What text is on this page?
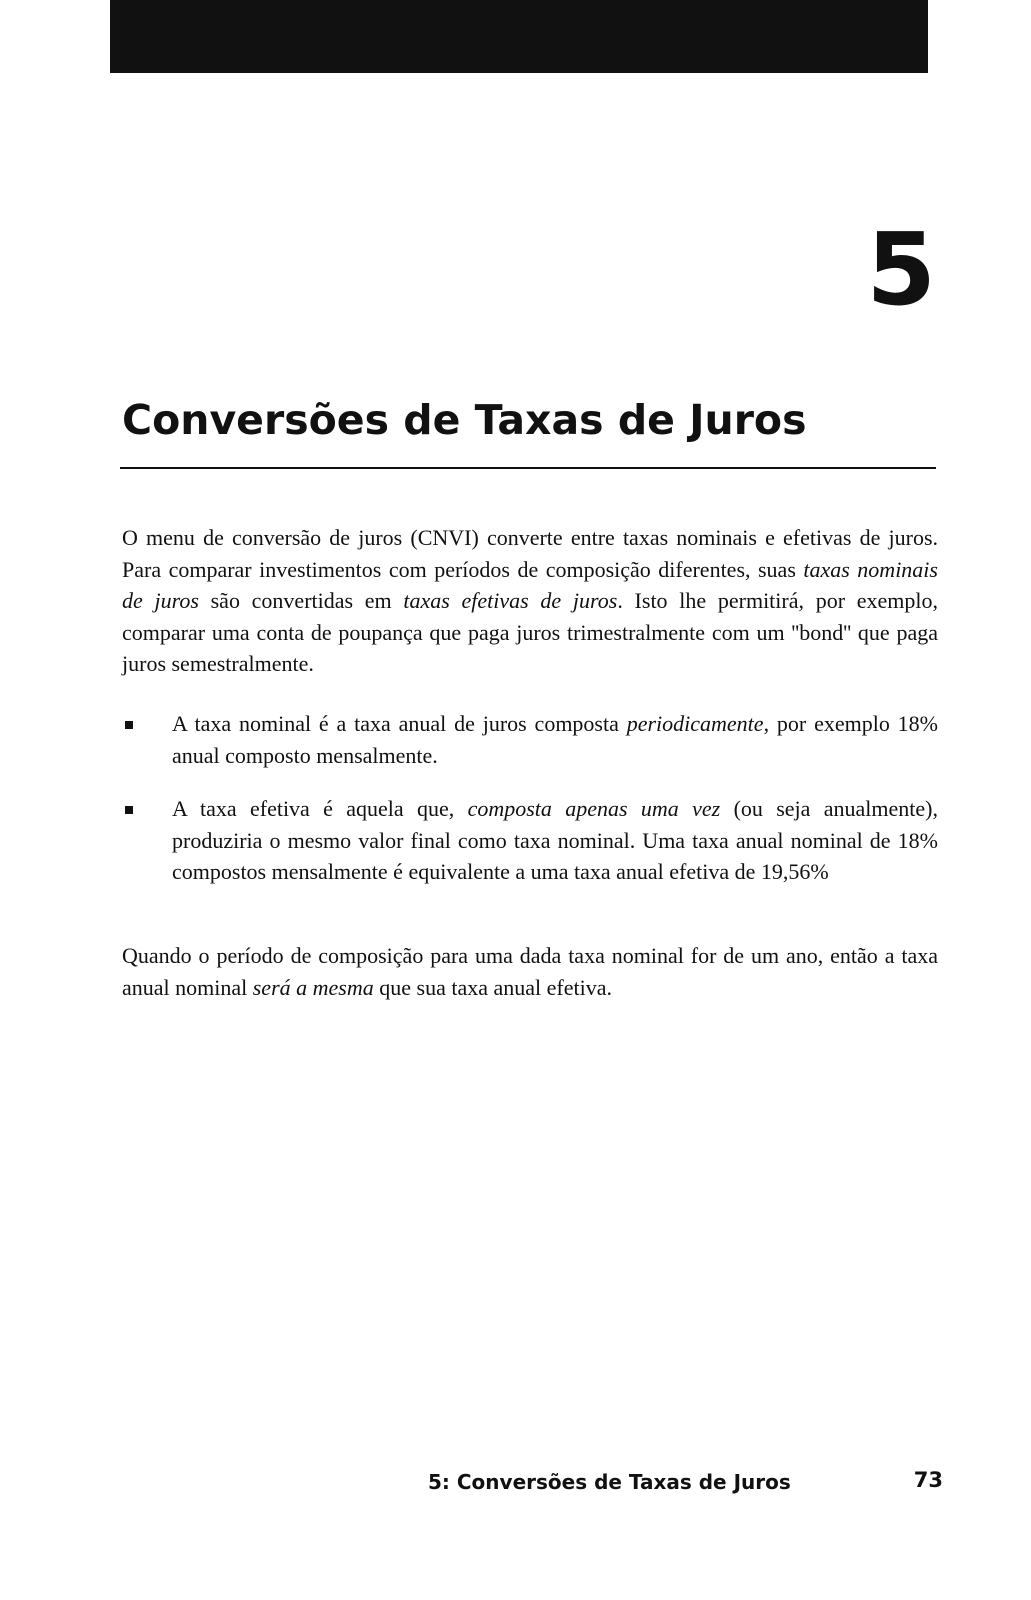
5
Conversões de Taxas de Juros

O menu de conversão de juros (CNVI) converte entre taxas nominais e efetivas de juros. Para comparar investimentos com períodos de composição diferentes, suas taxas nominais de juros são convertidas em taxas efetivas de juros. Isto lhe permitirá, por exemplo, comparar uma conta de poupança que paga juros trimestralmente com um ''bond'' que paga juros semestralmente.

A taxa nominal é a taxa anual de juros composta periodicamente, por exemplo 18% anual composto mensalmente.
A taxa efetiva é aquela que, composta apenas uma vez (ou seja anualmente), produziria o mesmo valor final como taxa nominal. Uma taxa anual nominal de 18% compostos mensalmente é equivalente a uma taxa anual efetiva de 19,56%

Quando o período de composição para uma dada taxa nominal for de um ano, então a taxa anual nominal será a mesma que sua taxa anual efetiva.

5: Conversões de Taxas de Juros	73
